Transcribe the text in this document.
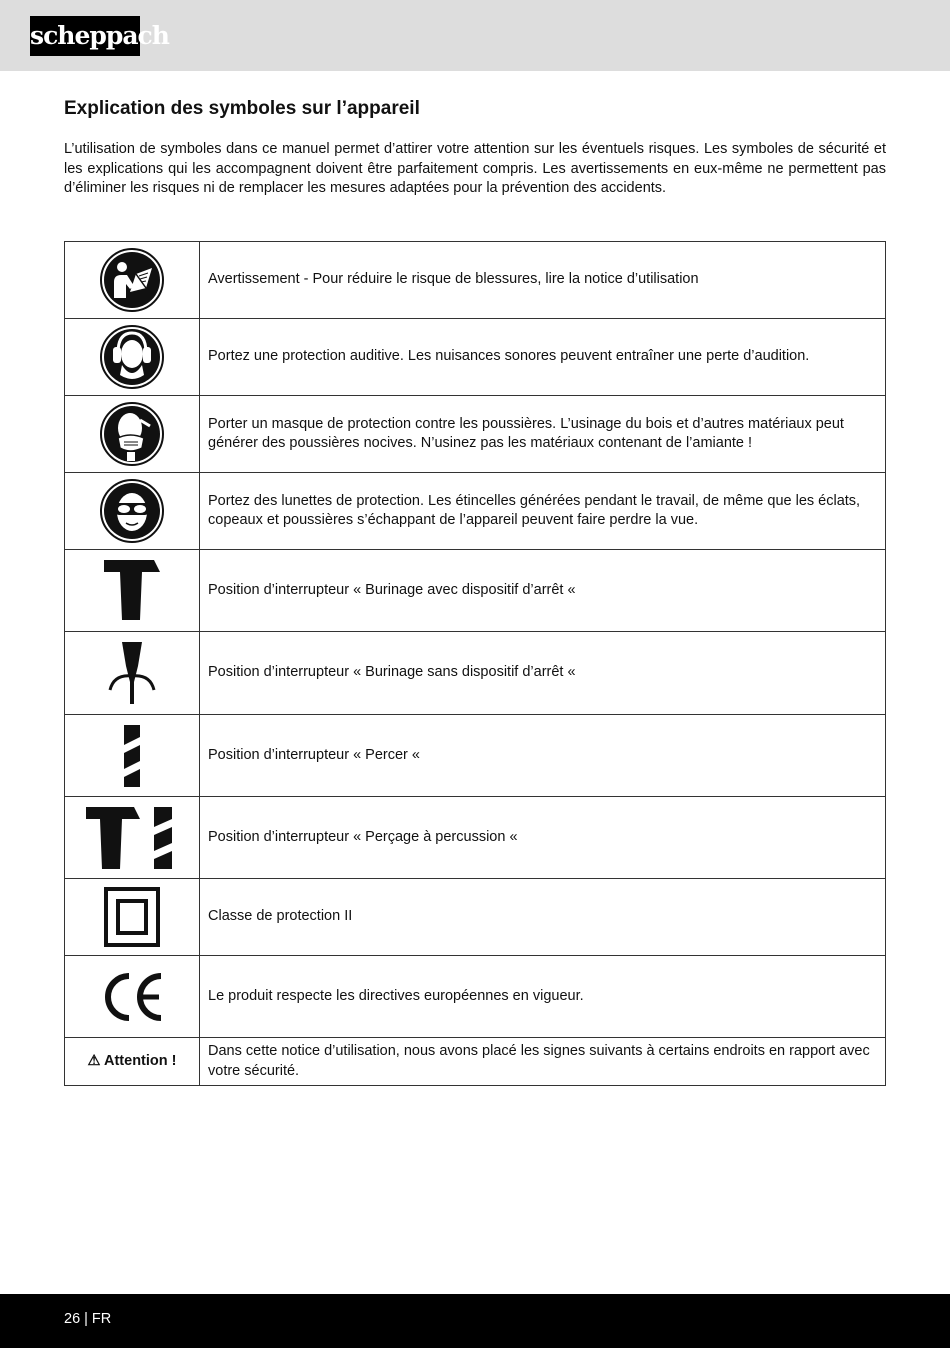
scheppach
Explication des symboles sur l’appareil

L’utilisation de symboles dans ce manuel permet d’attirer votre attention sur les éventuels risques. Les symboles de sécurité et les explications qui les accompagnent doivent être parfaitement compris. Les avertissements en eux-même ne permettent pas d’éliminer les risques ni de remplacer les mesures adaptées pour la prévention des accidents.

	Avertissement - Pour réduire le risque de blessures, lire la notice d’utilisation

	Portez une protection auditive. Les nuisances sonores peuvent entraîner une perte d’audition.

	Porter un masque de protection contre les poussières. L’usinage du bois et d’autres matériaux peut générer des poussières nocives. N’usinez pas les matériaux contenant de l’amiante !

	Portez des lunettes de protection. Les étincelles générées pendant le travail, de même que les éclats, copeaux et poussières s’échappant de l’appareil peuvent faire perdre la vue.

	Position d’interrupteur « Burinage avec dispositif d’arrêt «

	Position d’interrupteur « Burinage sans dispositif d’arrêt «

	Position d’interrupteur « Percer «

	Position d’interrupteur « Perçage à percussion «

	Classe de protection II

	Le produit respecte les directives européennes en vigueur.
⚠ Attention !	Dans cette notice d’utilisation, nous avons placé les signes suivants à certains endroits en rapport avec votre sécurité.
26 | FR
